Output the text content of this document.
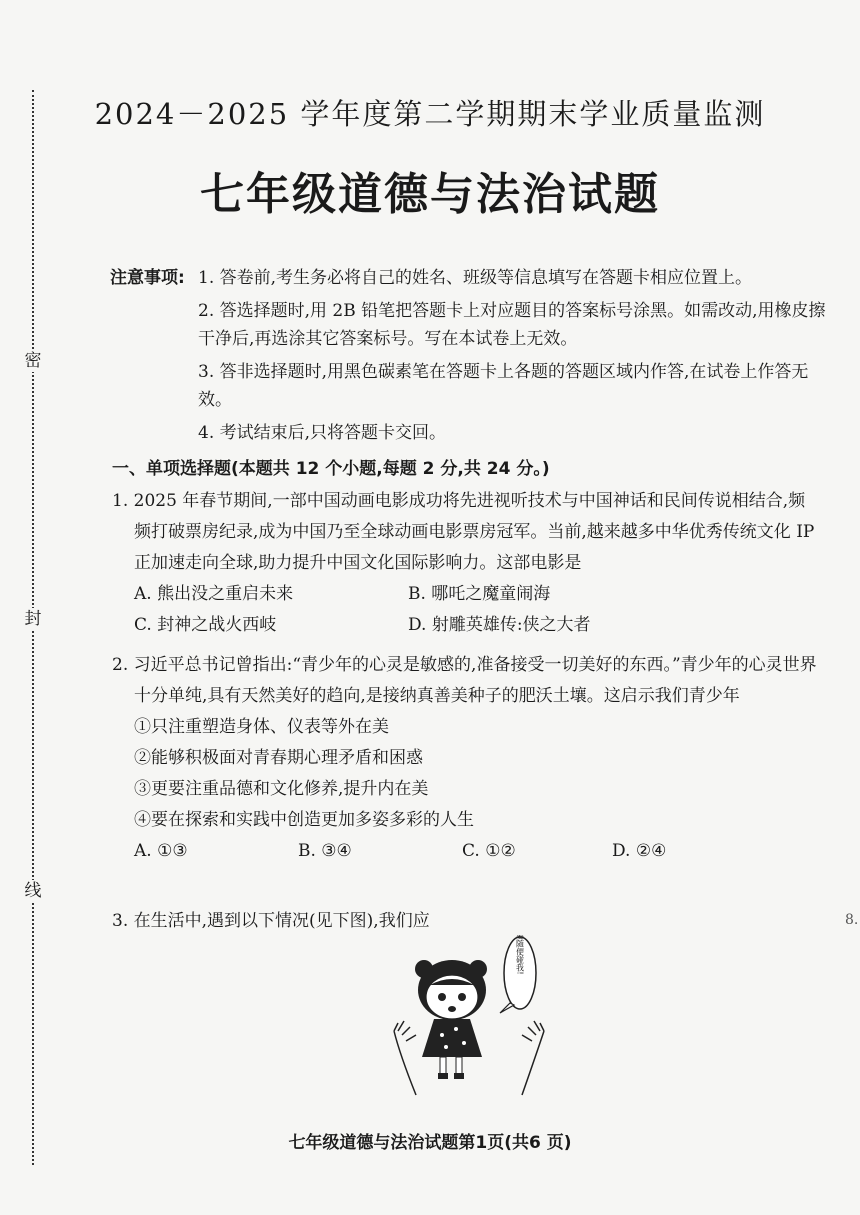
密
封
线
8.
2024－2025 学年度第二学期期末学业质量监测
七年级道德与法治试题
注意事项: 1. 答卷前,考生务必将自己的姓名、班级等信息填写在答题卡相应位置上。
2. 答选择题时,用 2B 铅笔把答题卡上对应题目的答案标号涂黑。如需改动,用橡皮擦干净后,再选涂其它答案标号。写在本试卷上无效。
3. 答非选择题时,用黑色碳素笔在答题卡上各题的答题区域内作答,在试卷上作答无效。
4. 考试结束后,只将答题卡交回。
一、单项选择题(本题共 12 个小题,每题 2 分,共 24 分。)
1. 2025 年春节期间,一部中国动画电影成功将先进视听技术与中国神话和民间传说相结合,频频打破票房纪录,成为中国乃至全球动画电影票房冠军。当前,越来越多中华优秀传统文化 IP 正加速走向全球,助力提升中国文化国际影响力。这部电影是
A. 熊出没之重启未来	B. 哪吒之魔童闹海
C. 封神之战火西岐	D. 射雕英雄传:侠之大者
2. 习近平总书记曾指出:“青少年的心灵是敏感的,准备接受一切美好的东西。”青少年的心灵世界十分单纯,具有天然美好的趋向,是接纳真善美种子的肥沃土壤。这启示我们青少年
①只注重塑造身体、仪表等外在美
②能够积极面对青春期心理矛盾和困惑
③更要注重品德和文化修养,提升内在美
④要在探索和实践中创造更加多姿多彩的人生
A. ①③	B. ③④	C. ①②	D. ②④
3. 在生活中,遇到以下情况(见下图),我们应
不要随便碰我!
七年级道德与法治试题第1页(共6 页)
